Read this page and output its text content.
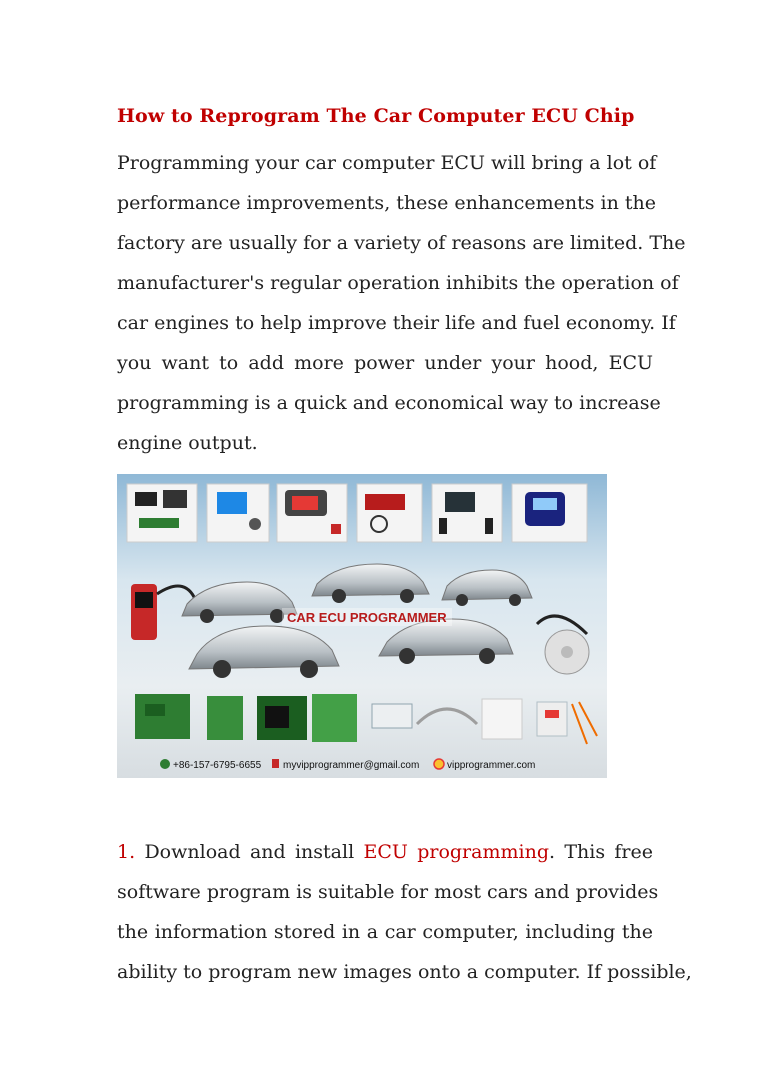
How to Reprogram The Car Computer ECU Chip
Programming your car computer ECU will bring a lot of
performance improvements, these enhancements in the
factory are usually for a variety of reasons are limited. The
manufacturer's regular operation inhibits the operation of
car engines to help improve their life and fuel economy. If
you want to add more power under your hood, ECU
programming is a quick and economical way to increase
engine output.
CAR ECU PROGRAMMER
+86-157-6795-6655 myvipprogrammer@gmail.com	vipprogrammer.com
1. Download and install ECU programming. This free
software program is suitable for most cars and provides
the information stored in a car computer, including the
ability to program new images onto a computer. If possible,
